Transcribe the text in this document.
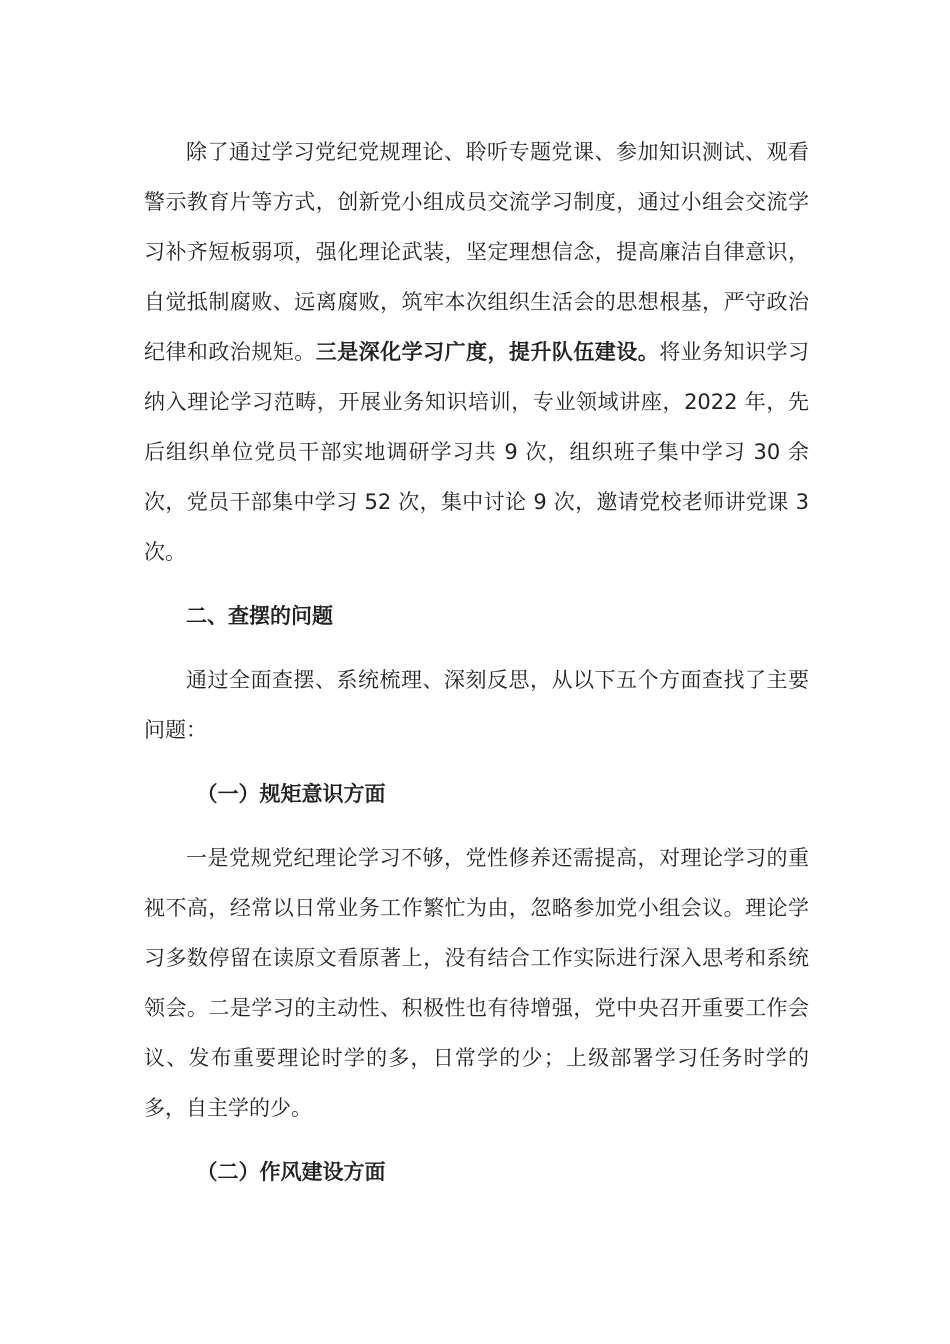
除了通过学习党纪党规理论、聆听专题党课、参加知识测试、观看警示教育片等方式，创新党小组成员交流学习制度，通过小组会交流学习补齐短板弱项，强化理论武装，坚定理想信念，提高廉洁自律意识，自觉抵制腐败、远离腐败，筑牢本次组织生活会的思想根基，严守政治纪律和政治规矩。三是深化学习广度，提升队伍建设。将业务知识学习纳入理论学习范畴，开展业务知识培训，专业领域讲座，2022 年，先后组织单位党员干部实地调研学习共 9 次，组织班子集中学习 30 余次，党员干部集中学习 52 次，集中讨论 9 次，邀请党校老师讲党课 3 次。

二、查摆的问题

通过全面查摆、系统梳理、深刻反思，从以下五个方面查找了主要问题：

（一）规矩意识方面

一是党规党纪理论学习不够，党性修养还需提高，对理论学习的重视不高，经常以日常业务工作繁忙为由，忽略参加党小组会议。理论学习多数停留在读原文看原著上，没有结合工作实际进行深入思考和系统领会。二是学习的主动性、积极性也有待增强，党中央召开重要工作会议、发布重要理论时学的多，日常学的少；上级部署学习任务时学的多，自主学的少。

（二）作风建设方面
